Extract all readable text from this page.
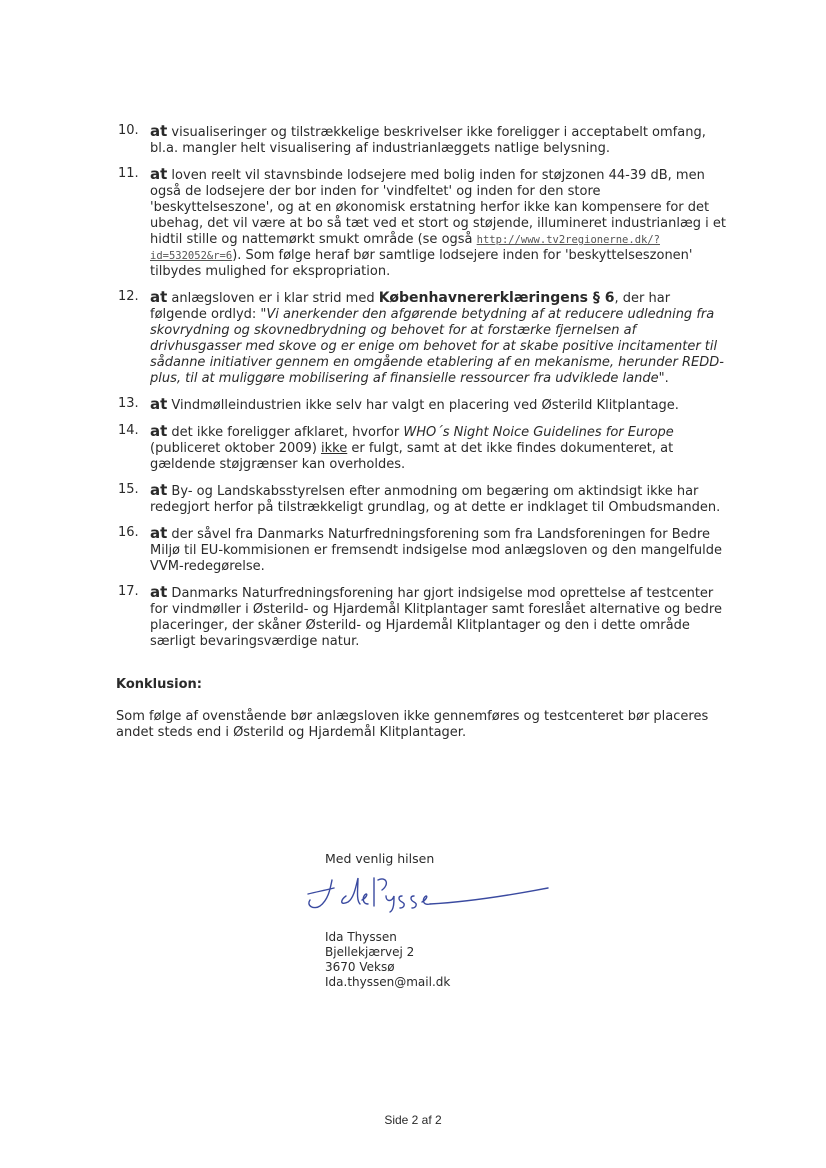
10. at visualiseringer og tilstrækkelige beskrivelser ikke foreligger i acceptabelt omfang, bl.a. mangler helt visualisering af industrianlæggets natlige belysning.
11. at loven reelt vil stavnsbinde lodsejere med bolig inden for støjzonen 44-39 dB, men også de lodsejere der bor inden for 'vindfeltet' og inden for den store 'beskyttelseszone', og at en økonomisk erstatning herfor ikke kan kompensere for det ubehag, det vil være at bo så tæt ved et stort og støjende, illumineret industrianlæg i et hidtil stille og nattemørkt smukt område (se også http://www.tv2regionerne.dk/?id=532052&r=6). Som følge heraf bør samtlige lodsejere inden for 'beskyttelseszonen' tilbydes mulighed for ekspropriation.
12. at anlægsloven er i klar strid med Københavnererklæringens § 6, der har følgende ordlyd: "Vi anerkender den afgørende betydning af at reducere udledning fra skovrydning og skovnedbrydning og behovet for at forstærke fjernelsen af drivhusgasser med skove og er enige om behovet for at skabe positive incitamenter til sådanne initiativer gennem en omgående etablering af en mekanisme, herunder REDD-plus, til at muliggøre mobilisering af finansielle ressourcer fra udviklede lande".
13. at Vindmølleindustrien ikke selv har valgt en placering ved Østerild Klitplantage.
14. at det ikke foreligger afklaret, hvorfor WHO´s Night Noice Guidelines for Europe (publiceret oktober 2009) ikke er fulgt, samt at det ikke findes dokumenteret, at gældende støjgrænser kan overholdes.
15. at By- og Landskabsstyrelsen efter anmodning om begæring om aktindsigt ikke har redegjort herfor på tilstrækkeligt grundlag, og at dette er indklaget til Ombudsmanden.
16. at der såvel fra Danmarks Naturfredningsforening som fra Landsforeningen for Bedre Miljø til EU-kommisionen er fremsendt indsigelse mod anlægsloven og den mangelfulde VVM-redegørelse.
17. at Danmarks Naturfredningsforening har gjort indsigelse mod oprettelse af testcenter for vindmøller i Østerild- og Hjardemål Klitplantager samt foreslået alternative og bedre placeringer, der skåner Østerild- og Hjardemål Klitplantager og den i dette område særligt bevaringsværdige natur.
Konklusion:
Som følge af ovenstående bør anlægsloven ikke gennemføres og testcenteret bør placeres andet steds end i Østerild og Hjardemål Klitplantager.
Med venlig hilsen
Ida Thyssen
Bjellekjærvej 2
3670 Veksø
Ida.thyssen@mail.dk
Side 2 af 2
